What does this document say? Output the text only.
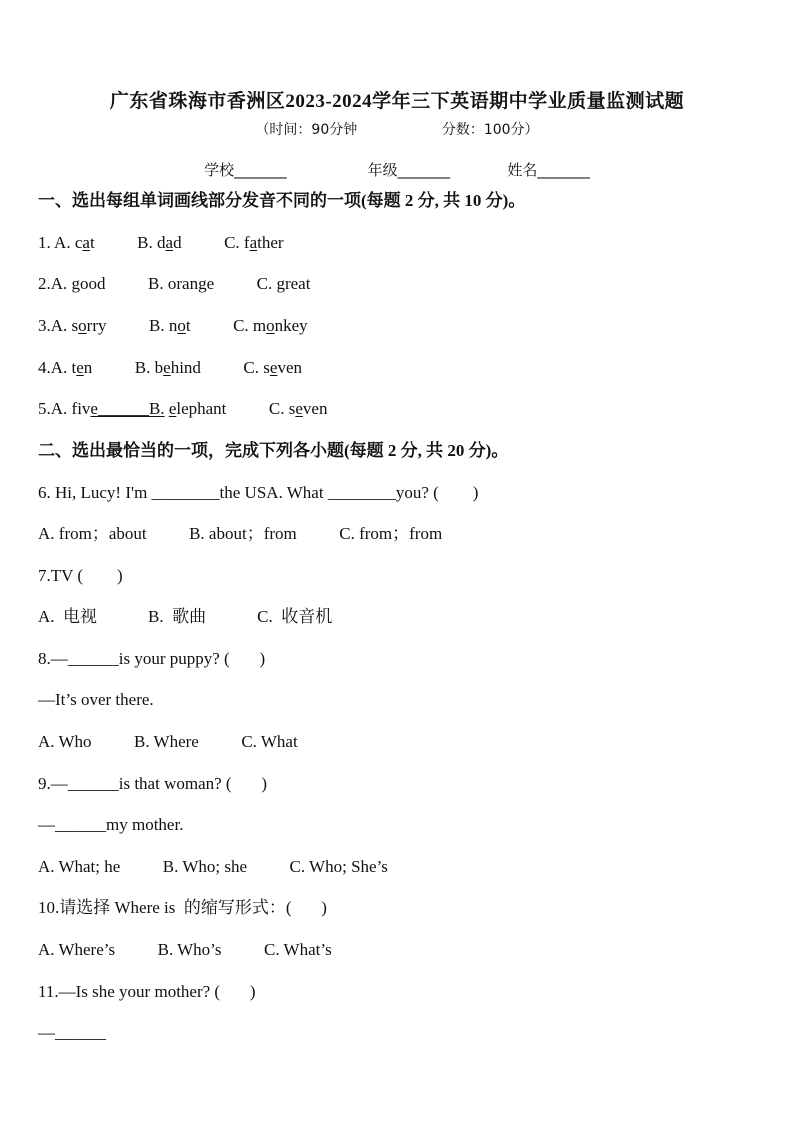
广东省珠海市香洲区2023-2024学年三下英语期中学业质量监测试题
（时间：90分钟	分数：100分）
学校_______	年级_______	姓名_______
一、选出每组单词画线部分发音不同的一项(每题 2 分, 共 10 分)。
1. A. cat	B. dad	C. father
2.A. good	B. orange	C. great
3.A. sorry	B. not	C. monkey
4.A. ten	B. behind	C. seven
5.A. five______B. elephant	C. seven
二、选出最恰当的一项，完成下列各小题(每题 2 分, 共 20 分)。
6. Hi, Lucy! I'm ________the USA. What ________you? (        )
A. from；about          B. about；from          C. from；from
7.TV (        )
A.  电视            B.  歌曲            C.  收音机
8.—______is your puppy? (       )
—It’s over there.
A. Who          B. Where          C. What
9.—______is that woman? (       )
—______my mother.
A. What; he          B. Who; she          C. Who; She’s
10.请选择 Where is  的缩写形式：(       )
A. Where’s          B. Who’s          C. What’s
11.—Is she your mother? (       )
—______
